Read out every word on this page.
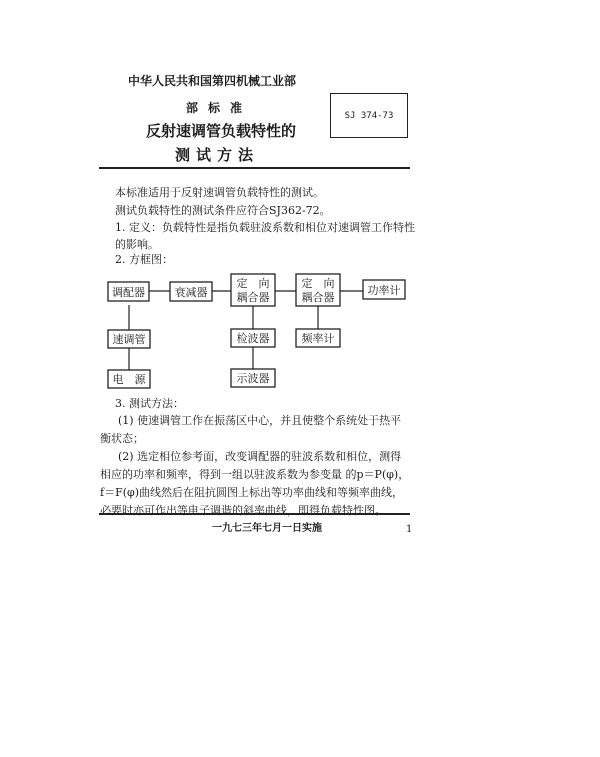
中华人民共和国第四机械工业部
部标准
反射速调管负载特性的
测试方法
SJ 374-73
本标准适用于反射速调管负载特性的测试。
测试负载特性的测试条件应符合SJ362-72。
1. 定义：负载特性是指负载驻波系数和相位对速调管工作特性的影响。
2. 方框图：
调配器	衰减器
定　向
耦合器
定　向
耦合器
功率计
速调管	检波器	频率计
电　源	示波器
3. 测试方法：
(1) 使速调管工作在振荡区中心，并且使整个系统处于热平衡状态；
(2) 选定相位参考面，改变调配器的驻波系数和相位，测得相应的功率和频率，得到一组以驻波系数为参变量 的p＝P(φ)，f＝F(φ)曲线然后在阻抗圆图上标出等功率曲线和等频率曲线，必要时亦可作出等电子调谐的斜率曲线，即得负载特性图。
一九七三年七月一日实施	1
